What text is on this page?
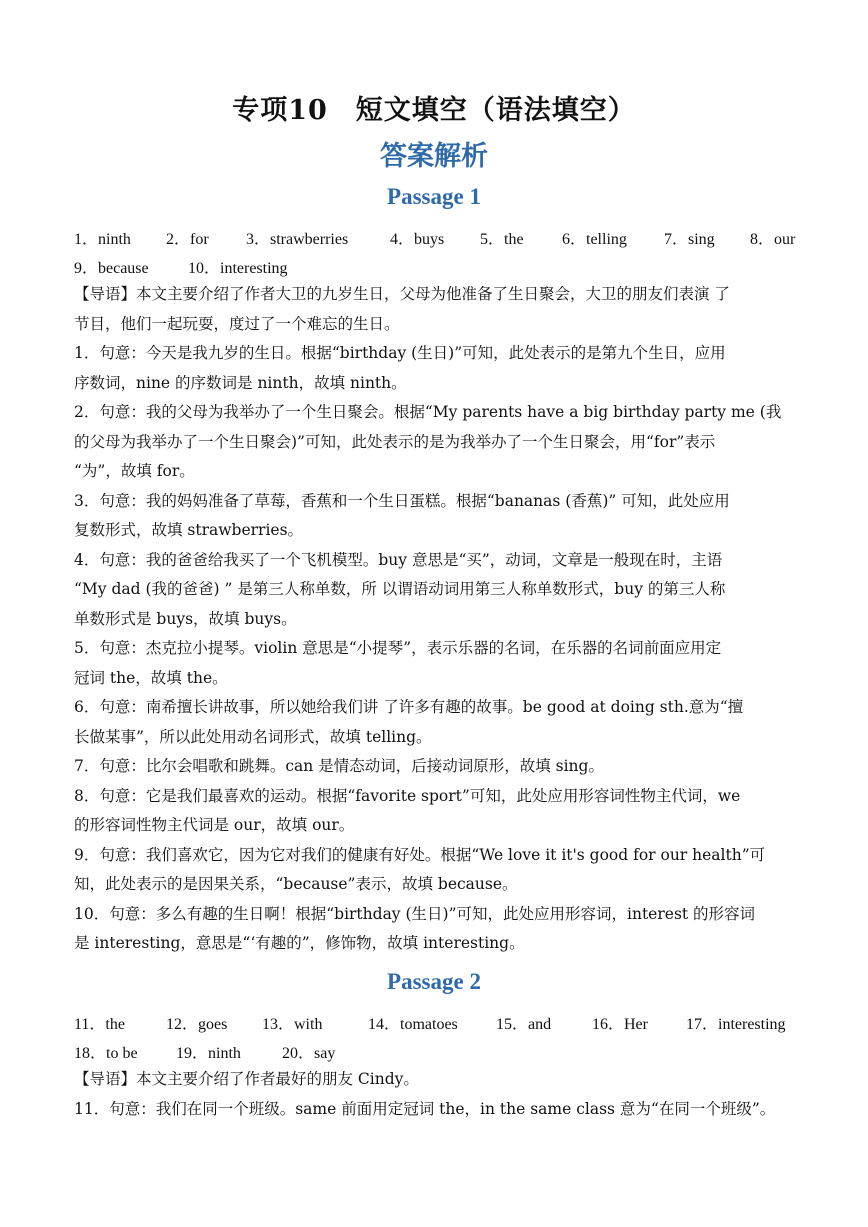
专项10　短文填空（语法填空）
答案解析
Passage 1
1．ninth 2．for 3．strawberries	4．buys 5．the 6．telling 7．sing 8．our
9．because 10．interesting
【导语】本文主要介绍了作者大卫的九岁生日，父母为他准备了生日聚会，大卫的朋友们表演 了
节目，他们一起玩耍，度过了一个难忘的生日。
1．句意：今天是我九岁的生日。根据“birthday (生日)”可知，此处表示的是第九个生日，应用
序数词，nine 的序数词是 ninth，故填 ninth。
2．句意：我的父母为我举办了一个生日聚会。根据“My parents have a big birthday party me (我
的父母为我举办了一个生日聚会)”可知，此处表示的是为我举办了一个生日聚会，用“for”表示
“为”，故填 for。
3．句意：我的妈妈准备了草莓，香蕉和一个生日蛋糕。根据“bananas (香蕉)” 可知，此处应用
复数形式，故填 strawberries。
4．句意：我的爸爸给我买了一个飞机模型。buy 意思是“买”，动词，文章是一般现在时，主语
“My dad (我的爸爸) ” 是第三人称单数，所 以谓语动词用第三人称单数形式，buy 的第三人称
单数形式是 buys，故填 buys。
5．句意：杰克拉小提琴。violin 意思是“小提琴”，表示乐器的名词，在乐器的名词前面应用定
冠词 the，故填 the。
6．句意：南希擅长讲故事，所以她给我们讲 了许多有趣的故事。be good at doing sth.意为“擅
长做某事”，所以此处用动名词形式，故填 telling。
7．句意：比尔会唱歌和跳舞。can 是情态动词，后接动词原形，故填 sing。
8．句意：它是我们最喜欢的运动。根据“favorite sport”可知，此处应用形容词性物主代词，we
的形容词性物主代词是 our，故填 our。
9．句意：我们喜欢它，因为它对我们的健康有好处。根据“We love it it's good for our health”可
知，此处表示的是因果关系，“because”表示，故填 because。
10．句意：多么有趣的生日啊！根据“birthday (生日)”可知，此处应用形容词，interest 的形容词
是 interesting，意思是“‘有趣的”，修饰物，故填 interesting。
Passage 2
11．the	12．goes 13．with	14．tomatoes 15．and	16．Her 17．interesting
18．to be 19．ninth	20．say
【导语】本文主要介绍了作者最好的朋友 Cindy。
11．句意：我们在同一个班级。same 前面用定冠词 the，in the same class 意为“在同一个班级”。
